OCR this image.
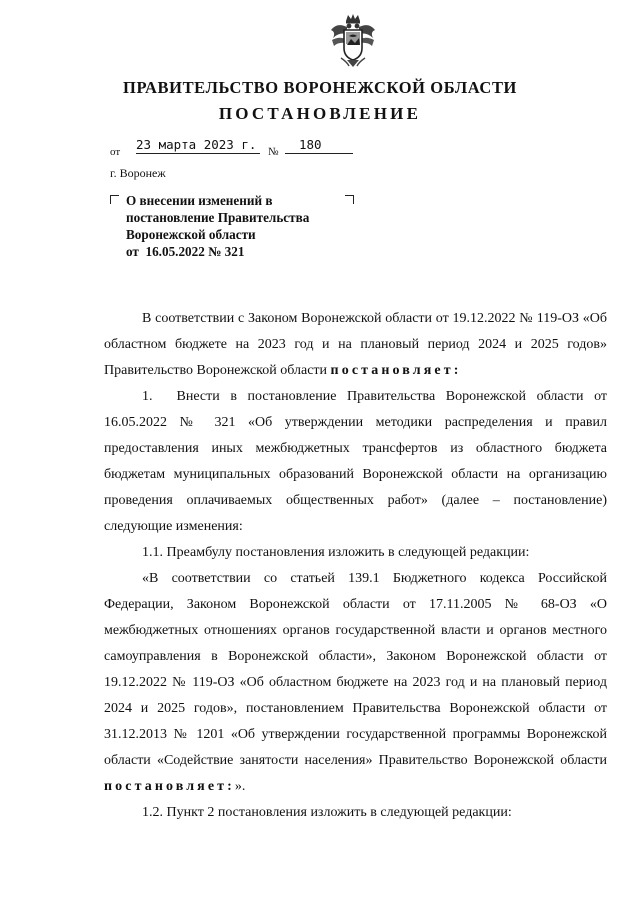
ПРАВИТЕЛЬСТВО ВОРОНЕЖСКОЙ ОБЛАСТИ
ПОСТАНОВЛЕНИЕ
от 23 марта 2023 г.	№	180
г. Воронеж
О внесении изменений в
постановление Правительства
Воронежской области
от  16.05.2022 № 321

В соответствии с Законом Воронежской области от 19.12.2022 № 119-ОЗ «Об областном бюджете на 2023 год и на плановый период 2024 и 2025 годов» Правительство Воронежской области постановляет:

1. Внести в постановление Правительства Воронежской области от 16.05.2022 № 321 «Об утверждении методики распределения и правил предоставления иных межбюджетных трансфертов из областного бюджета бюджетам муниципальных образований Воронежской области на организацию проведения оплачиваемых общественных работ» (далее – постановление) следующие изменения:

1.1. Преамбулу постановления изложить в следующей редакции:

«В соответствии со статьей 139.1 Бюджетного кодекса Российской Федерации, Законом Воронежской области от 17.11.2005 № 68-ОЗ «О межбюджетных отношениях органов государственной власти и органов местного самоуправления в Воронежской области», Законом Воронежской области от 19.12.2022 № 119-ОЗ «Об областном бюджете на 2023 год и на плановый период 2024 и 2025 годов», постановлением Правительства Воронежской области от 31.12.2013 № 1201 «Об утверждении государственной программы Воронежской области «Содействие занятости населения» Правительство Воронежской области постановляет:».

1.2. Пункт 2 постановления изложить в следующей редакции:
